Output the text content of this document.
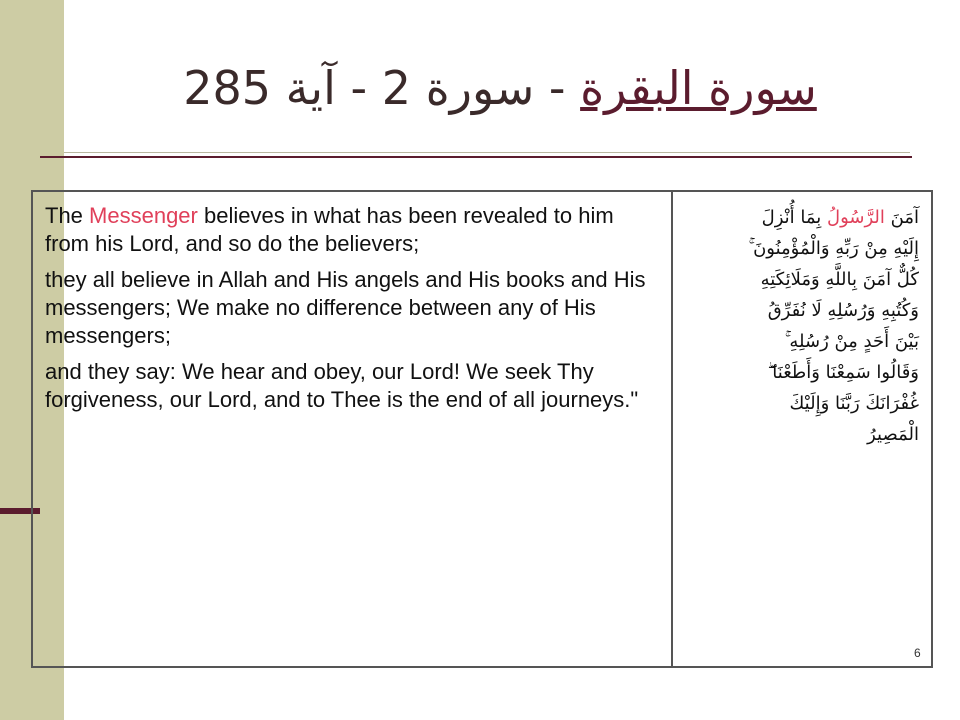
سورة البقرة - سورة 2 - آية 285

The Messenger believes in what has been revealed to him from his Lord, and so do the believers;

they all believe in Allah and His angels and His books and His messengers; We make no difference between any of His messengers;

and they say: We hear and obey, our Lord! We seek Thy forgiveness, our Lord, and to Thee is the end of all journeys."

آمَنَ الرَّسُولُ بِمَا أُنْزِلَ
إِلَيْهِ مِنْ رَبِّهِ وَالْمُؤْمِنُونَ ۚ
كُلٌّ آمَنَ بِاللَّهِ وَمَلَائِكَتِهِ
وَكُتُبِهِ وَرُسُلِهِ لَا نُفَرِّقُ
بَيْنَ أَحَدٍ مِنْ رُسُلِهِ ۚ
وَقَالُوا سَمِعْنَا وَأَطَعْنَا ۖ
غُفْرَانَكَ رَبَّنَا وَإِلَيْكَ
الْمَصِيرُ
6
